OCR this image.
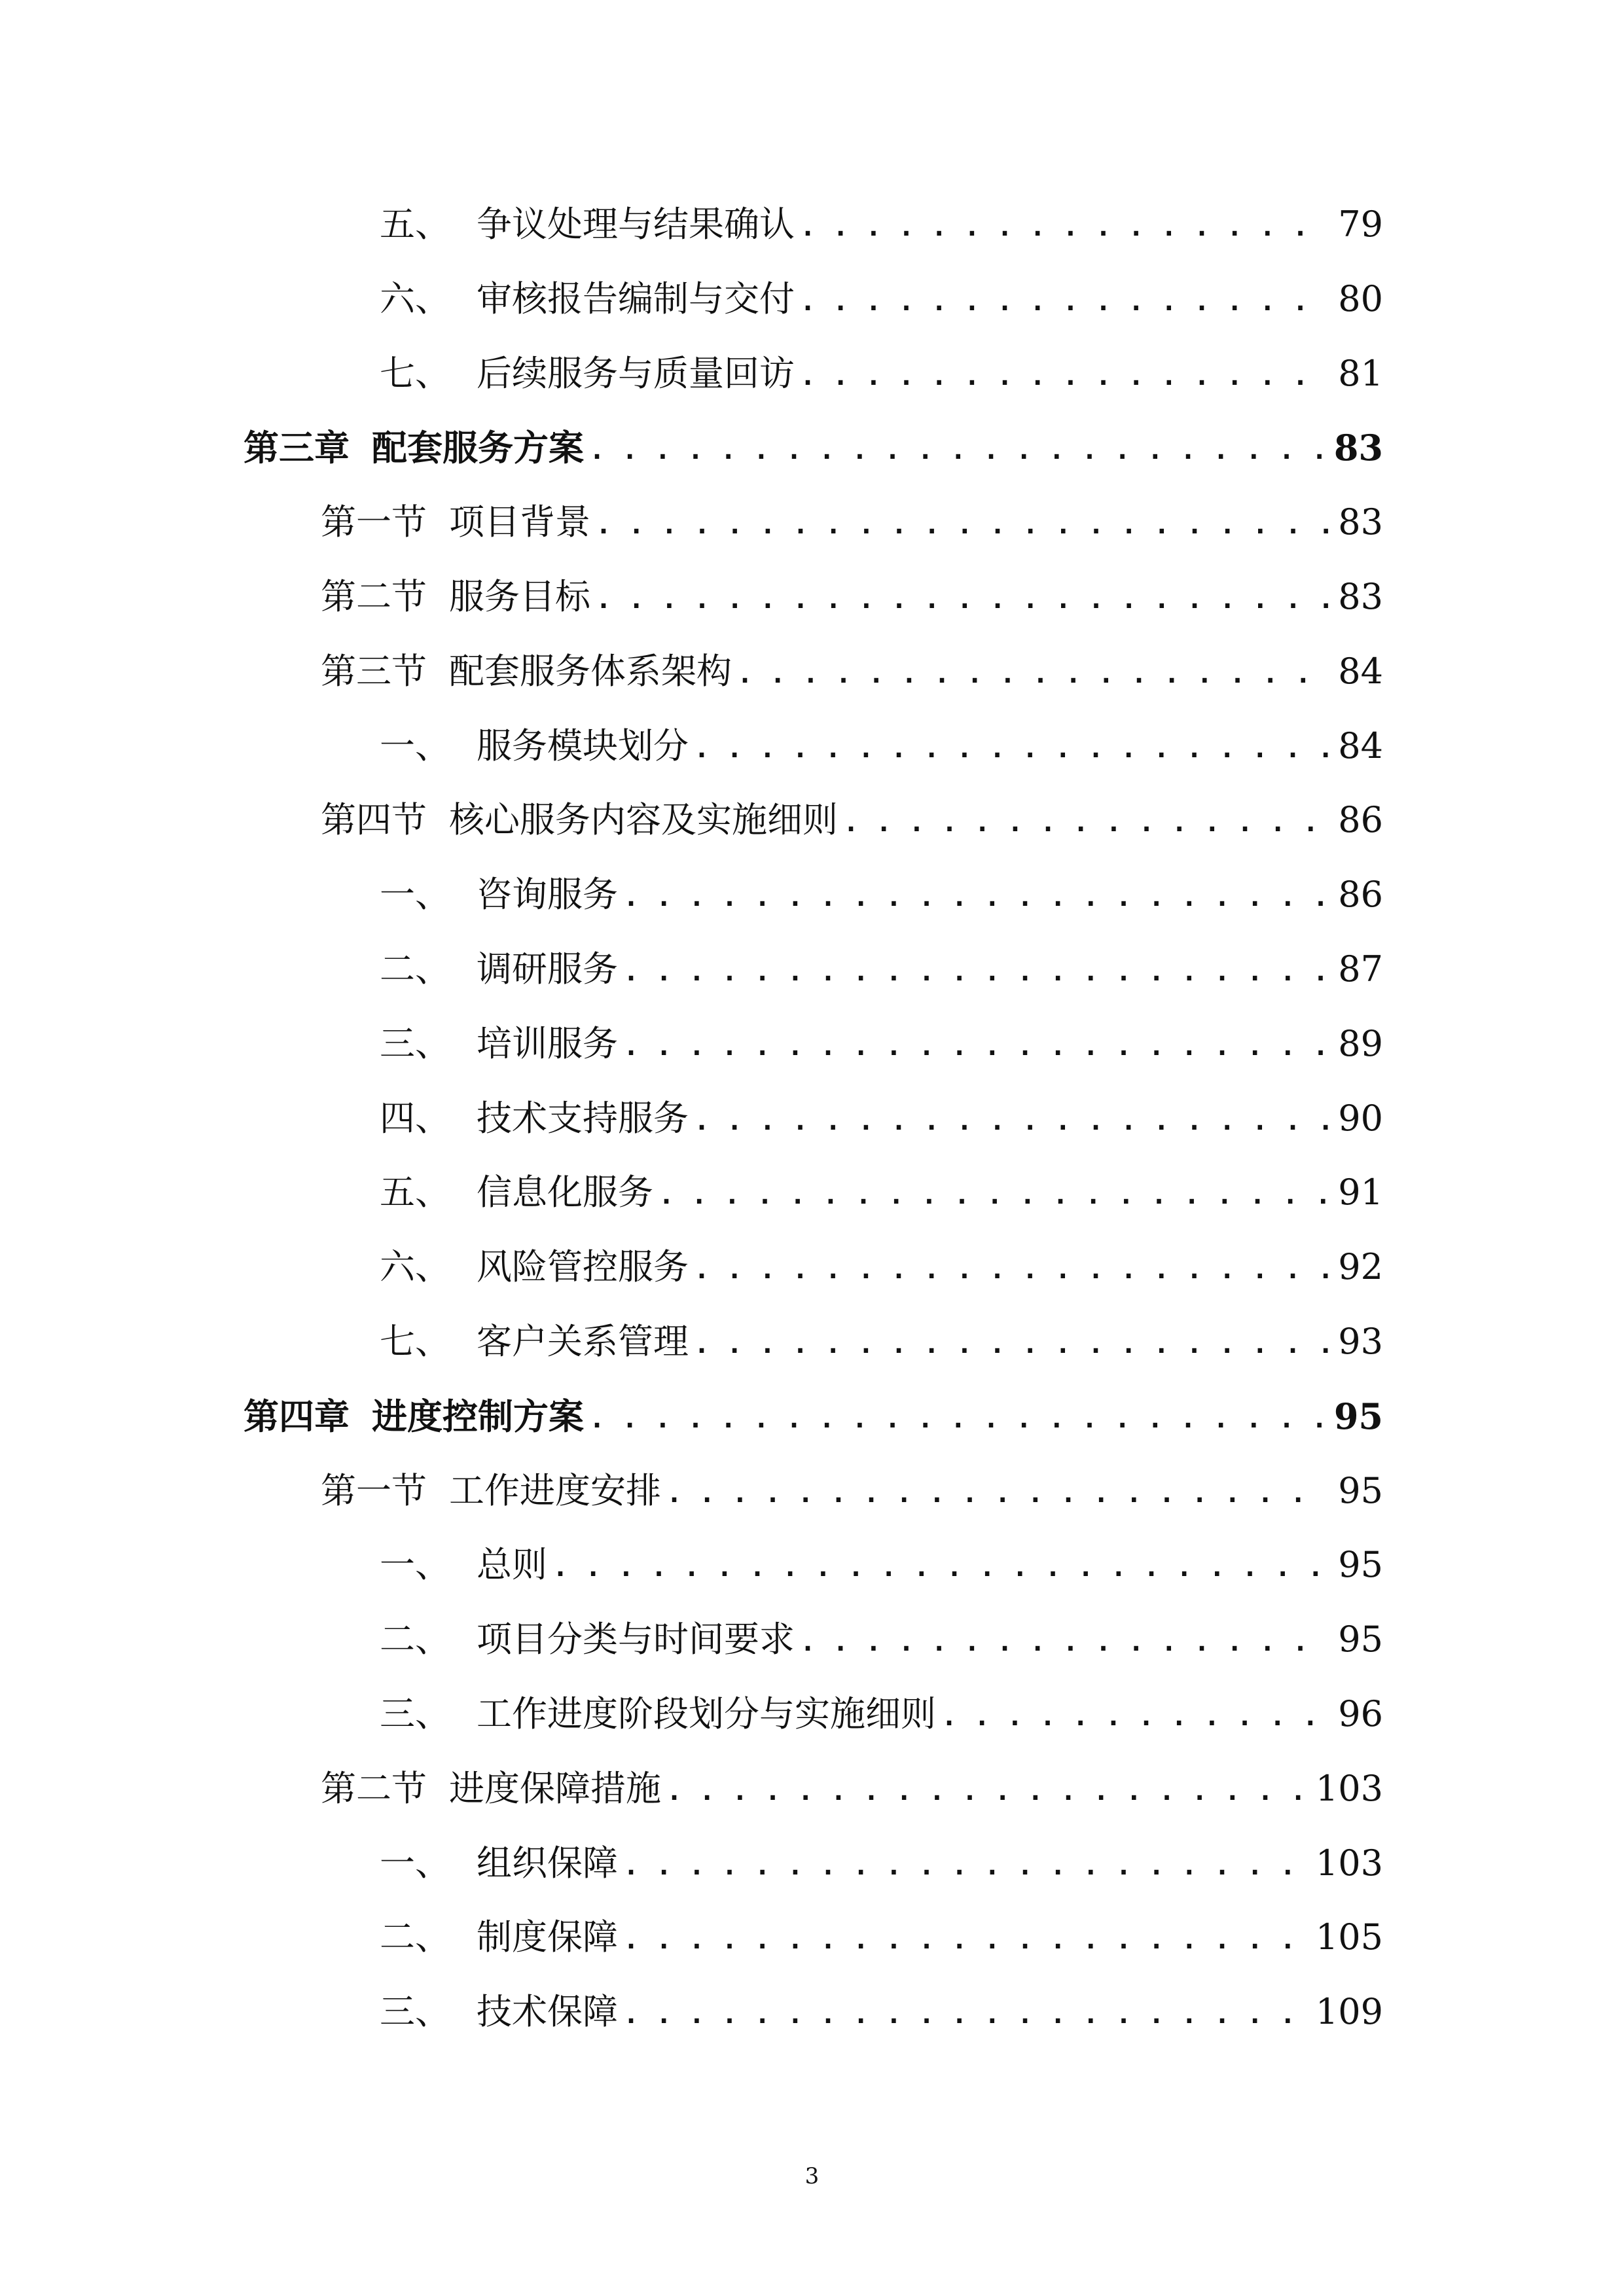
五、 争议处理与结果确认 . . .	79
六、 审核报告编制与交付 . . .	80
七、 后续服务与质量回访 . . .	81
第三章 配套服务方案 . . .	83
第一节 项目背景 . . .	83
第二节 服务目标 . . .	83
第三节 配套服务体系架构 . . .	84
一、 服务模块划分 . . .	84
第四节 核心服务内容及实施细则 . . .	86
一、 咨询服务 . . .	86
二、 调研服务 . . .	87
三、 培训服务 . . .	89
四、 技术支持服务 . . .	90
五、 信息化服务 . . .	91
六、 风险管控服务 . . .	92
七、 客户关系管理 . . .	93
第四章 进度控制方案 . . .	95
第一节 工作进度安排 . . .	95
一、 总则 . . .	95
二、 项目分类与时间要求 . . .	95
三、 工作进度阶段划分与实施细则 . . .	96
第二节 进度保障措施 . . .	103
一、 组织保障 . . .	103
二、 制度保障 . . .	105
三、 技术保障 . . .	109
3
